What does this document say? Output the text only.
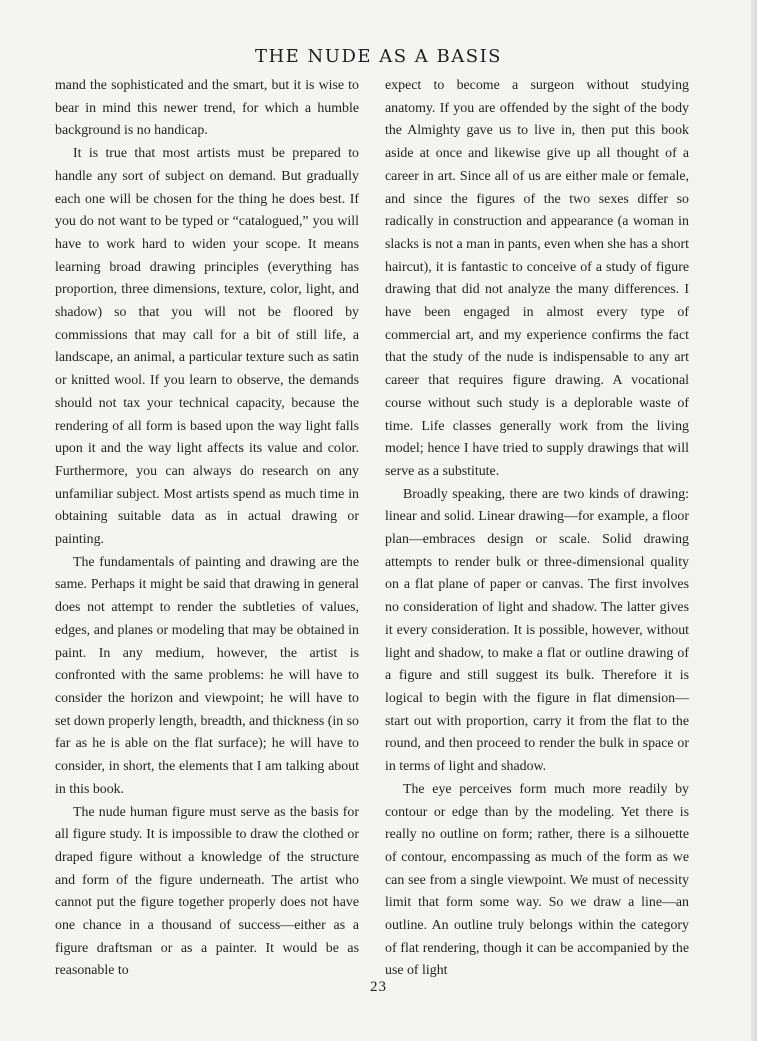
THE NUDE AS A BASIS

mand the sophisticated and the smart, but it is wise to bear in mind this newer trend, for which a humble background is no handicap.

It is true that most artists must be prepared to handle any sort of subject on demand. But gradually each one will be chosen for the thing he does best. If you do not want to be typed or “catalogued,” you will have to work hard to widen your scope. It means learning broad drawing principles (everything has proportion, three dimensions, texture, color, light, and shadow) so that you will not be floored by commissions that may call for a bit of still life, a landscape, an animal, a particular texture such as satin or knitted wool. If you learn to observe, the demands should not tax your technical capacity, because the rendering of all form is based upon the way light falls upon it and the way light affects its value and color. Furthermore, you can always do research on any unfamiliar subject. Most artists spend as much time in obtaining suitable data as in actual drawing or painting.

The fundamentals of painting and drawing are the same. Perhaps it might be said that drawing in general does not attempt to render the subtleties of values, edges, and planes or modeling that may be obtained in paint. In any medium, however, the artist is confronted with the same problems: he will have to consider the horizon and viewpoint; he will have to set down properly length, breadth, and thickness (in so far as he is able on the flat surface); he will have to consider, in short, the elements that I am talking about in this book.

The nude human figure must serve as the basis for all figure study. It is impossible to draw the clothed or draped figure without a knowledge of the structure and form of the figure underneath. The artist who cannot put the figure together properly does not have one chance in a thousand of success—either as a figure draftsman or as a painter. It would be as reasonable to

expect to become a surgeon without studying anatomy. If you are offended by the sight of the body the Almighty gave us to live in, then put this book aside at once and likewise give up all thought of a career in art. Since all of us are either male or female, and since the figures of the two sexes differ so radically in construction and appearance (a woman in slacks is not a man in pants, even when she has a short haircut), it is fantastic to conceive of a study of figure drawing that did not analyze the many differences. I have been engaged in almost every type of commercial art, and my experience confirms the fact that the study of the nude is indispensable to any art career that requires figure drawing. A vocational course without such study is a deplorable waste of time. Life classes generally work from the living model; hence I have tried to supply drawings that will serve as a substitute.

Broadly speaking, there are two kinds of drawing: linear and solid. Linear drawing—for example, a floor plan—embraces design or scale. Solid drawing attempts to render bulk or three-dimensional quality on a flat plane of paper or canvas. The first involves no consideration of light and shadow. The latter gives it every consideration. It is possible, however, without light and shadow, to make a flat or outline drawing of a figure and still suggest its bulk. Therefore it is logical to begin with the figure in flat dimension—start out with proportion, carry it from the flat to the round, and then proceed to render the bulk in space or in terms of light and shadow.

The eye perceives form much more readily by contour or edge than by the modeling. Yet there is really no outline on form; rather, there is a silhouette of contour, encompassing as much of the form as we can see from a single viewpoint. We must of necessity limit that form some way. So we draw a line—an outline. An outline truly belongs within the category of flat rendering, though it can be accompanied by the use of light

23
